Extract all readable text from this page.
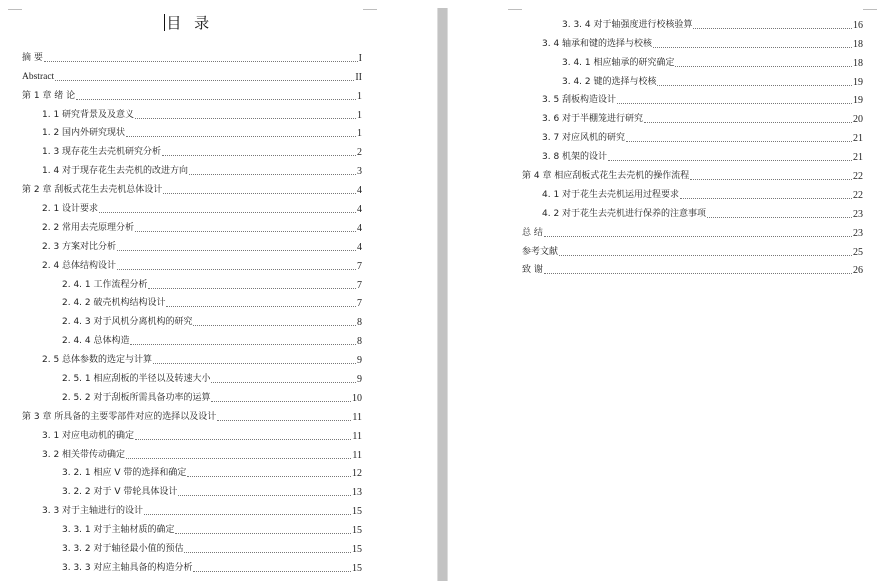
目 录
摘 要	I
Abstract	II
第 1 章 绪 论	1
1. 1 研究背景及及意义	1
1. 2 国内外研究现状	1
1. 3 现存花生去壳机研究分析	2
1. 4 对于现存花生去壳机的改进方向	3
第 2 章 刮板式花生去壳机总体设计	4
2. 1 设计要求	4
2. 2 常用去壳原理分析	4
2. 3 方案对比分析	4
2. 4 总体结构设计	7
2. 4. 1 工作流程分析	7
2. 4. 2 破壳机构结构设计	7
2. 4. 3 对于风机分离机构的研究	8
2. 4. 4 总体构造	8
2. 5 总体参数的选定与计算	9
2. 5. 1 相应刮板的半径以及转速大小	9
2. 5. 2 对于刮板所需具备功率的运算	10
第 3 章 所具备的主要零部件对应的选择以及设计	11
3. 1 对应电动机的确定	11
3. 2 相关带传动确定	11
3. 2. 1 相应 V 带的选择和确定	12
3. 2. 2 对于 V 带轮具体设计	13
3. 3 对于主轴进行的设计	15
3. 3. 1 对于主轴材质的确定	15
3. 3. 2 对于轴径最小值的预估	15
3. 3. 3 对应主轴具备的构造分析	15
3. 3. 4 对于轴强度进行校核验算	16
3. 4 轴承和键的选择与校核	18
3. 4. 1 相应轴承的研究确定	18
3. 4. 2 键的选择与校核	19
3. 5 刮板构造设计	19
3. 6 对于半棚笼进行研究	20
3. 7 对应风机的研究	21
3. 8 机架的设计	21
第 4 章 相应刮板式花生去壳机的操作流程	22
4. 1 对于花生去壳机运用过程要求	22
4. 2 对于花生去壳机进行保养的注意事项	23
总 结	23
参考文献	25
致 谢	26
